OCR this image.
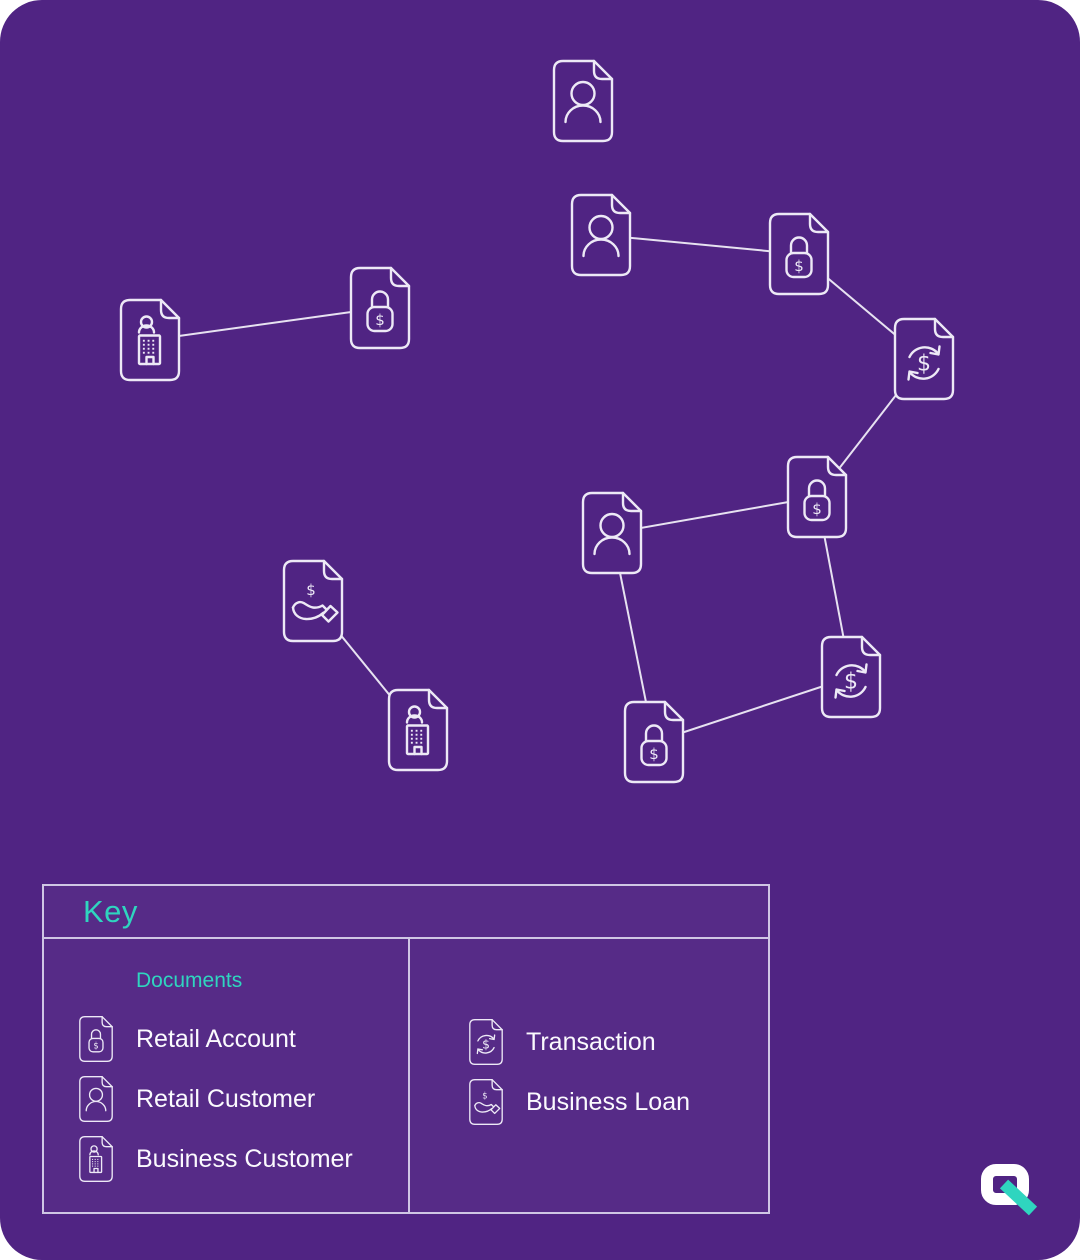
Key
Documents
Retail Account
Retail Customer
Business Customer
Transaction
Business Loan
